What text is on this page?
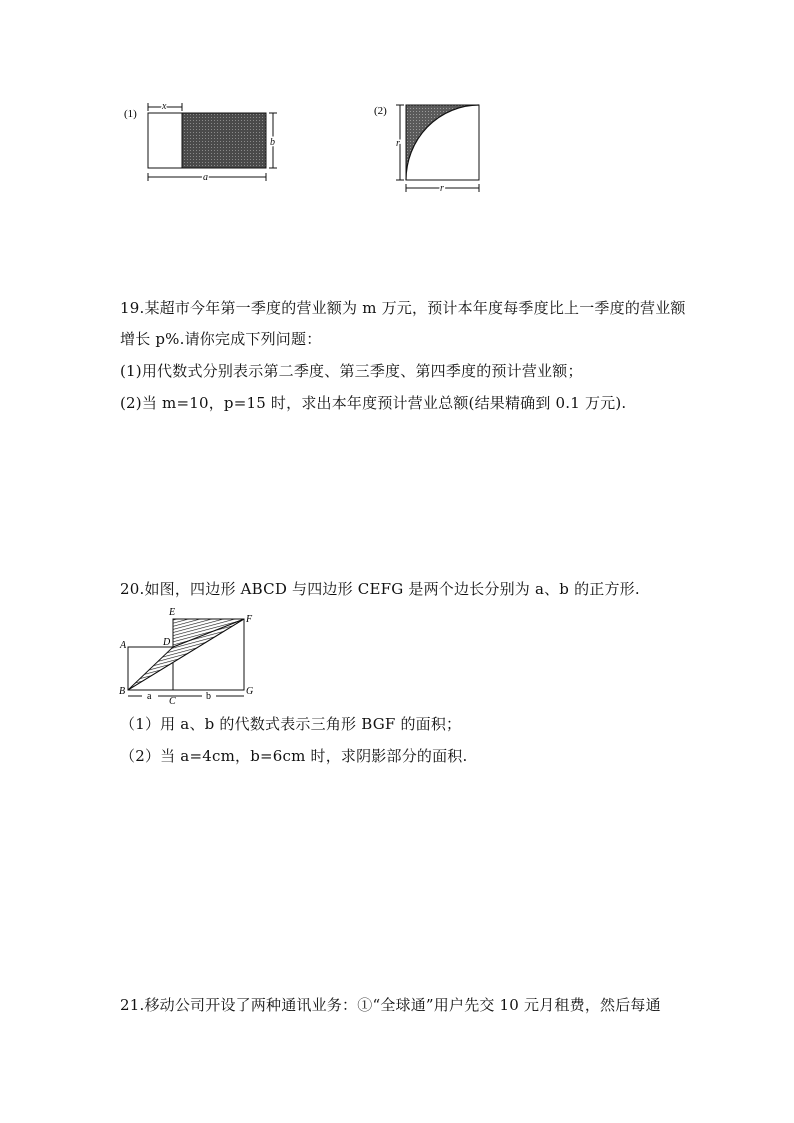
(1)
x
b
a
(2)
r
r
19.某超市今年第一季度的营业额为 m 万元，预计本年度每季度比上一季度的营业额
增长 p%.请你完成下列问题：
(1)用代数式分别表示第二季度、第三季度、第四季度的预计营业额；
(2)当 m=10，p=15 时，求出本年度预计营业总额(结果精确到 0.1 万元).
20.如图，四边形 ABCD 与四边形 CEFG 是两个边长分别为 a、b 的正方形.
A
B
C
D
E
F
G
a	b
（1）用 a、b 的代数式表示三角形 BGF 的面积；
（2）当 a=4cm，b=6cm 时，求阴影部分的面积.
21.移动公司开设了两种通讯业务：①“全球通”用户先交 10 元月租费，然后每通
